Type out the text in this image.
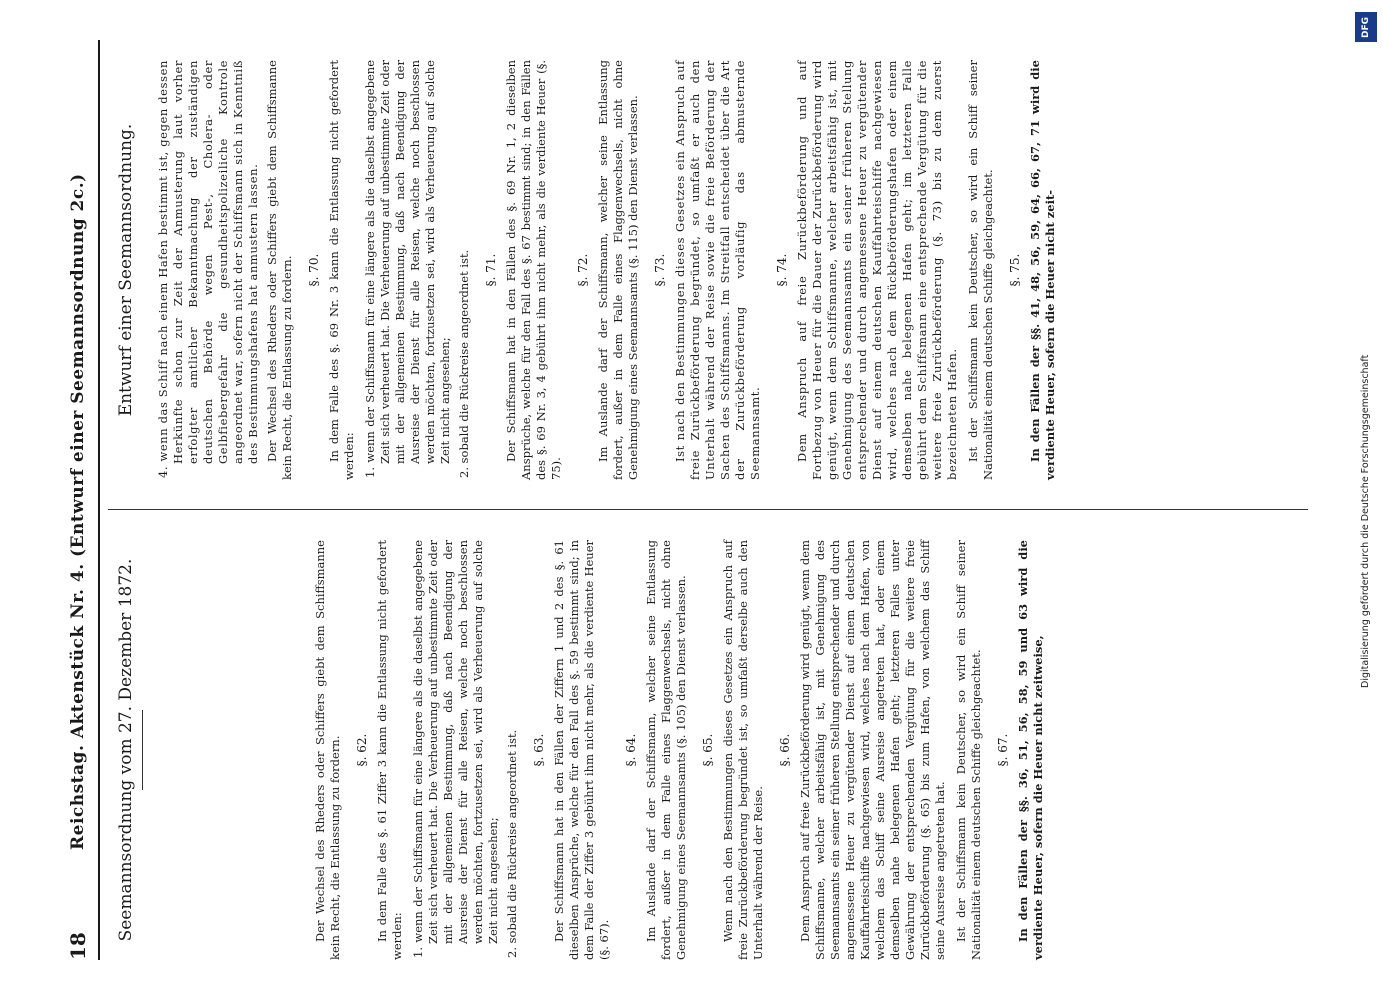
18
Reichstag. Aktenstück Nr. 4. (Entwurf einer Seemannsordnung 2c.) Seemannsordnung vom 27. Dezember 1872.	Der Wechsel des Rheders oder Schiffers giebt dem Schiffsmanne kein Recht, die Entlassung zu fordern. §. 62. In dem Falle des §. 61 Ziffer 3 kann die Entlassung nicht gefordert werden: 1. wenn der Schiffsmann für eine längere als die daselbst angegebene Zeit sich verheuert hat. Die Verheuerung auf unbestimmte Zeit oder mit der allgemeinen Bestimmung, daß nach Beendigung der Ausreise der Dienst für alle Reisen, welche noch beschlossen werden möchten, fortzusetzen sei, wird als Verheuerung auf solche Zeit nicht angesehen; 2. sobald die Rückreise angeordnet ist. §. 63. Der Schiffsmann hat in den Fällen der Ziffern 1 und 2 des §. 61 dieselben Ansprüche, welche für den Fall des §. 59 bestimmt sind; in dem Falle der Ziffer 3 gebührt ihm nicht mehr, als die verdiente Heuer (§. 67).
§. 64. Im Auslande darf der Schiffsmann, welcher seine Entlassung fordert, außer in dem Falle eines Flaggenwechsels, nicht ohne Genehmigung eines Seemannsamts (§. 105) den Dienst verlassen. §. 65. Wenn nach den Bestimmungen dieses Gesetzes ein Anspruch auf freie Zurückbeförderung begründet ist, so umfaßt derselbe auch den Unterhalt während der Reise.
§. 66. Dem Anspruch auf freie Zurückbeförderung wird genügt, wenn dem Schiffsmanne, welcher arbeitsfähig ist, mit Genehmigung des Seemannsamts ein seiner früheren Stellung entsprechender und durch angemessene Heuer zu vergütender Dienst auf einem deutschen Kauffahrteischiffe nachgewiesen wird, welches nach dem Hafen, von welchem das Schiff seine Ausreise angetreten hat, oder einem demselben nahe belegenen Hafen geht; letzteren Falles unter Gewährung der entsprechenden Vergütung für die weitere freie Zurückbeförderung (§. 65) bis zum Hafen, von welchem das Schiff seine Ausreise angetreten hat. Ist der Schiffsmann kein Deutscher, so wird ein Schiff seiner Nationalität einem deutschen Schiffe gleichgeachtet. §. 67. In den Fällen der §§. 36, 51, 56, 58, 59 und 63 wird die verdiente Heuer, sofern die Heuer nicht zeitweise,
Entwurf einer Seemannsordnung. 4. wenn das Schiff nach einem Hafen bestimmt ist, gegen dessen Herkünfte schon zur Zeit der Anmusterung laut vorher erfolgter amtlicher Bekanntmachung der zuständigen deutschen Behörde wegen Pest-, Cholera- oder Gelbfiebergefahr die gesundheitspolizeiliche Kontrole angeordnet war, sofern nicht der Schiffsmann sich in Kenntniß des Bestimmungshafens hat anmustern lassen. Der Wechsel des Rheders oder Schiffers giebt dem Schiffsmanne kein Recht, die Entlassung zu fordern. §. 70. In dem Falle des §. 69 Nr. 3 kann die Entlassung nicht gefordert werden: 1. wenn der Schiffsmann für eine längere als die daselbst angegebene Zeit sich verheuert hat. Die Verheuerung auf unbestimmte Zeit oder mit der allgemeinen Bestimmung, daß nach Beendigung der Ausreise der Dienst für alle Reisen, welche noch beschlossen werden möchten, fortzusetzen sei, wird als Verheuerung auf solche Zeit nicht angesehen; 2. sobald die Rückreise angeordnet ist. §. 71. Der Schiffsmann hat in den Fällen des §. 69 Nr. 1, 2 dieselben Ansprüche, welche für den Fall des §. 67 bestimmt sind; in den Fällen des §. 69 Nr. 3, 4 gebührt ihm nicht mehr, als die verdiente Heuer (§. 75).
§. 72. Im Auslande darf der Schiffsmann, welcher seine Entlassung fordert, außer in dem Falle eines Flaggenwechsels, nicht ohne Genehmigung eines Seemannsamts (§. 115) den Dienst verlassen. §. 73. Ist nach den Bestimmungen dieses Gesetzes ein Anspruch auf freie Zurückbeförderung begründet, so umfaßt er auch den Unterhalt während der Reise sowie die freie Beförderung der Sachen des Schiffsmanns. Im Streitfall entscheidet über die Art der Zurückbeförderung vorläufig das abmusternde Seemannsamt.
§. 74. Dem Anspruch auf freie Zurückbeförderung und auf Fortbezug von Heuer für die Dauer der Zurückbeförderung wird genügt, wenn dem Schiffsmanne, welcher arbeitsfähig ist, mit Genehmigung des Seemannsamts ein seiner früheren Stellung entsprechender und durch angemessene Heuer zu vergütender Dienst auf einem deutschen Kauffahrteischiffe nachgewiesen wird, welches nach dem Rückbeförderungshafen oder einem demselben nahe belegenen Hafen geht; im letzteren Falle gebührt dem Schiffsmann eine entsprechende Vergütung für die weitere freie Zurückbeförderung (§. 73) bis zu dem zuerst bezeichneten Hafen. Ist der Schiffsmann kein Deutscher, so wird ein Schiff seiner Nationalität einem deutschen Schiffe gleichgeachtet. §. 75. In den Fällen der §§. 41, 48, 56, 59, 64, 66, 67, 71 wird die verdiente Heuer, sofern die Heuer nicht zeit-
DFG
Digitalisierung gefördert durch die Deutsche Forschungsgemeinschaft
